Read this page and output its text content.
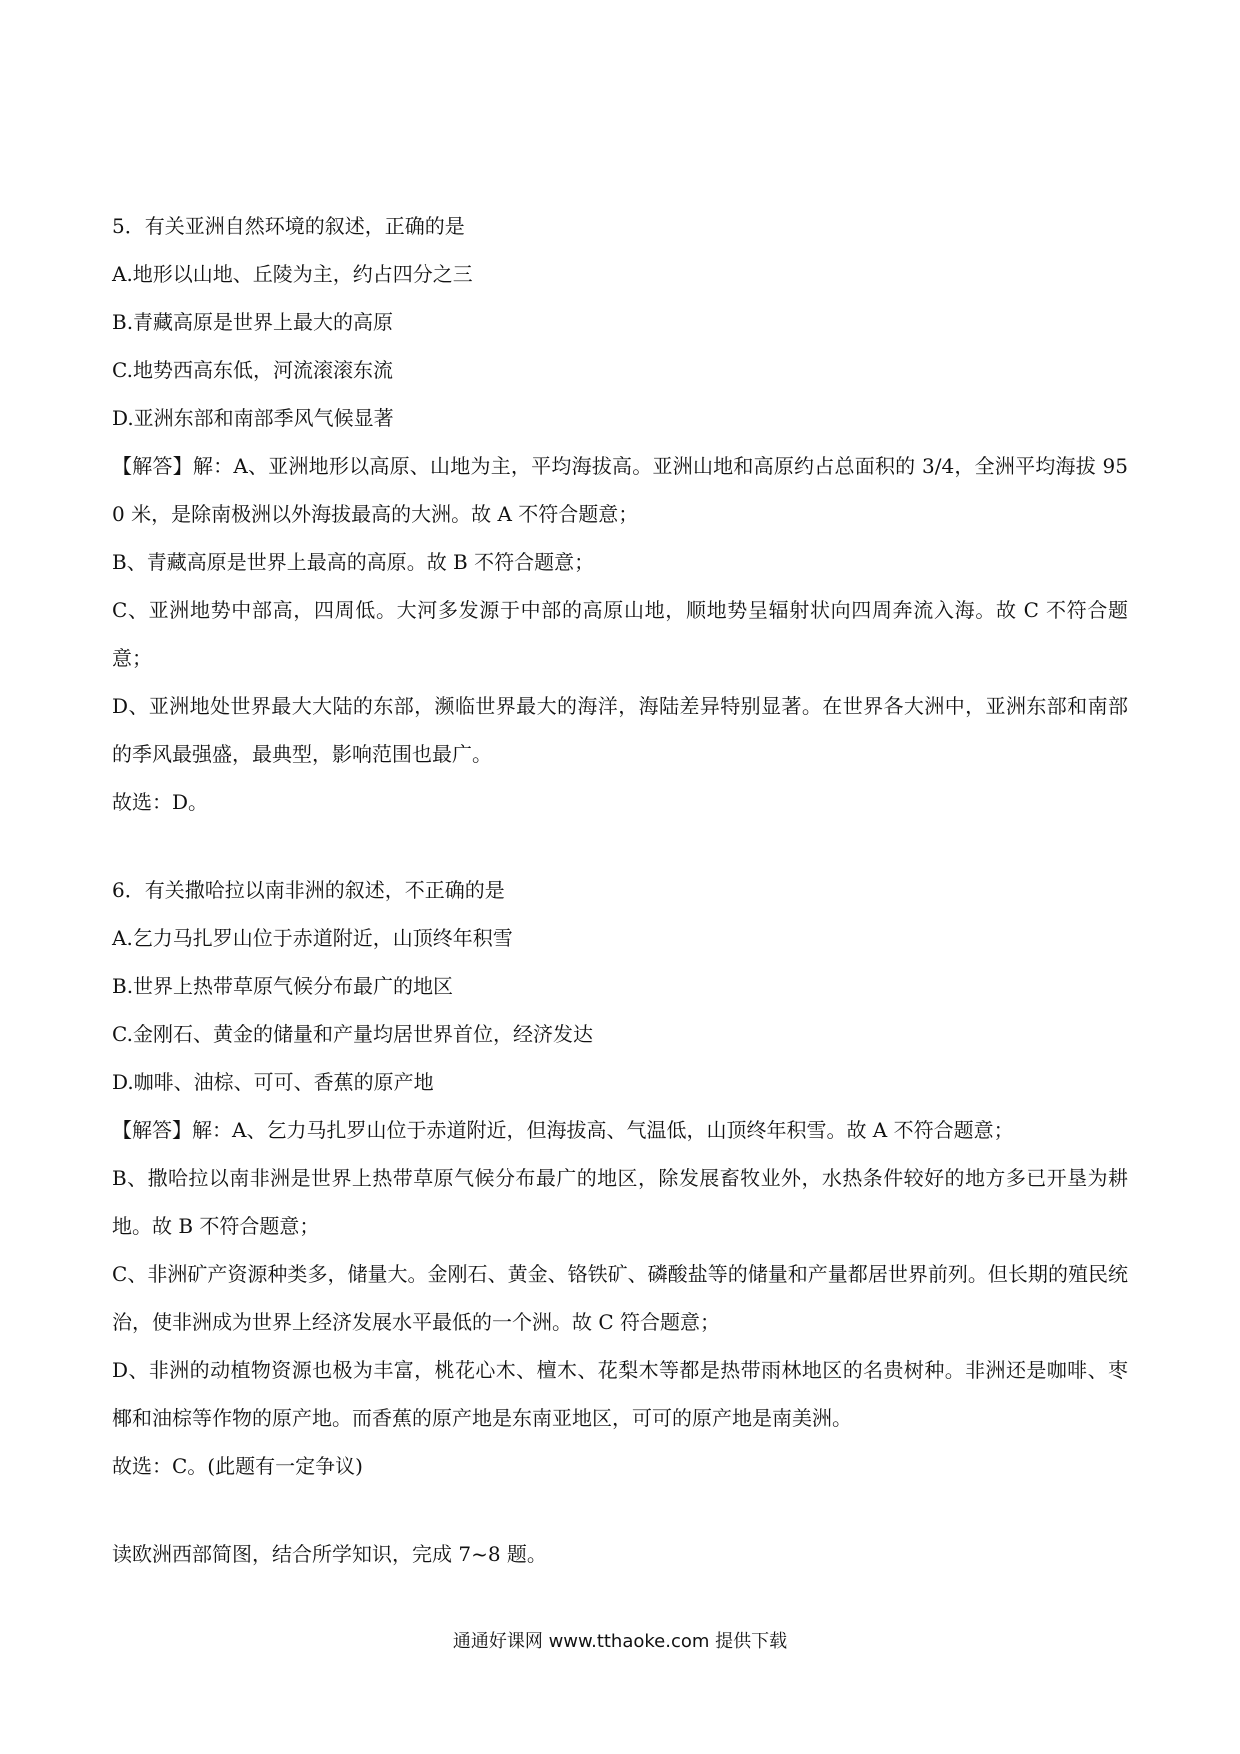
5．有关亚洲自然环境的叙述，正确的是
A.地形以山地、丘陵为主，约占四分之三
B.青藏高原是世界上最大的高原
C.地势西高东低，河流滚滚东流
D.亚洲东部和南部季风气候显著
【解答】解：A、亚洲地形以高原、山地为主，平均海拔高。亚洲山地和高原约占总面积的 3/4，全洲平均海拔 950 米，是除南极洲以外海拔最高的大洲。故 A 不符合题意；
B、青藏高原是世界上最高的高原。故 B 不符合题意；
C、亚洲地势中部高，四周低。大河多发源于中部的高原山地，顺地势呈辐射状向四周奔流入海。故 C 不符合题意；
D、亚洲地处世界最大大陆的东部，濒临世界最大的海洋，海陆差异特别显著。在世界各大洲中，亚洲东部和南部的季风最强盛，最典型，影响范围也最广。
故选：D。
6．有关撒哈拉以南非洲的叙述，不正确的是
A.乞力马扎罗山位于赤道附近，山顶终年积雪
B.世界上热带草原气候分布最广的地区
C.金刚石、黄金的储量和产量均居世界首位，经济发达
D.咖啡、油棕、可可、香蕉的原产地
【解答】解：A、乞力马扎罗山位于赤道附近，但海拔高、气温低，山顶终年积雪。故 A 不符合题意；
B、撒哈拉以南非洲是世界上热带草原气候分布最广的地区，除发展畜牧业外，水热条件较好的地方多已开垦为耕地。故 B 不符合题意；
C、非洲矿产资源种类多，储量大。金刚石、黄金、铬铁矿、磷酸盐等的储量和产量都居世界前列。但长期的殖民统治，使非洲成为世界上经济发展水平最低的一个洲。故 C 符合题意；
D、非洲的动植物资源也极为丰富，桃花心木、檀木、花梨木等都是热带雨林地区的名贵树种。非洲还是咖啡、枣椰和油棕等作物的原产地。而香蕉的原产地是东南亚地区，可可的原产地是南美洲。
故选：C。(此题有一定争议)
读欧洲西部简图，结合所学知识，完成 7~8 题。
通通好课网 www.tthaoke.com 提供下载
